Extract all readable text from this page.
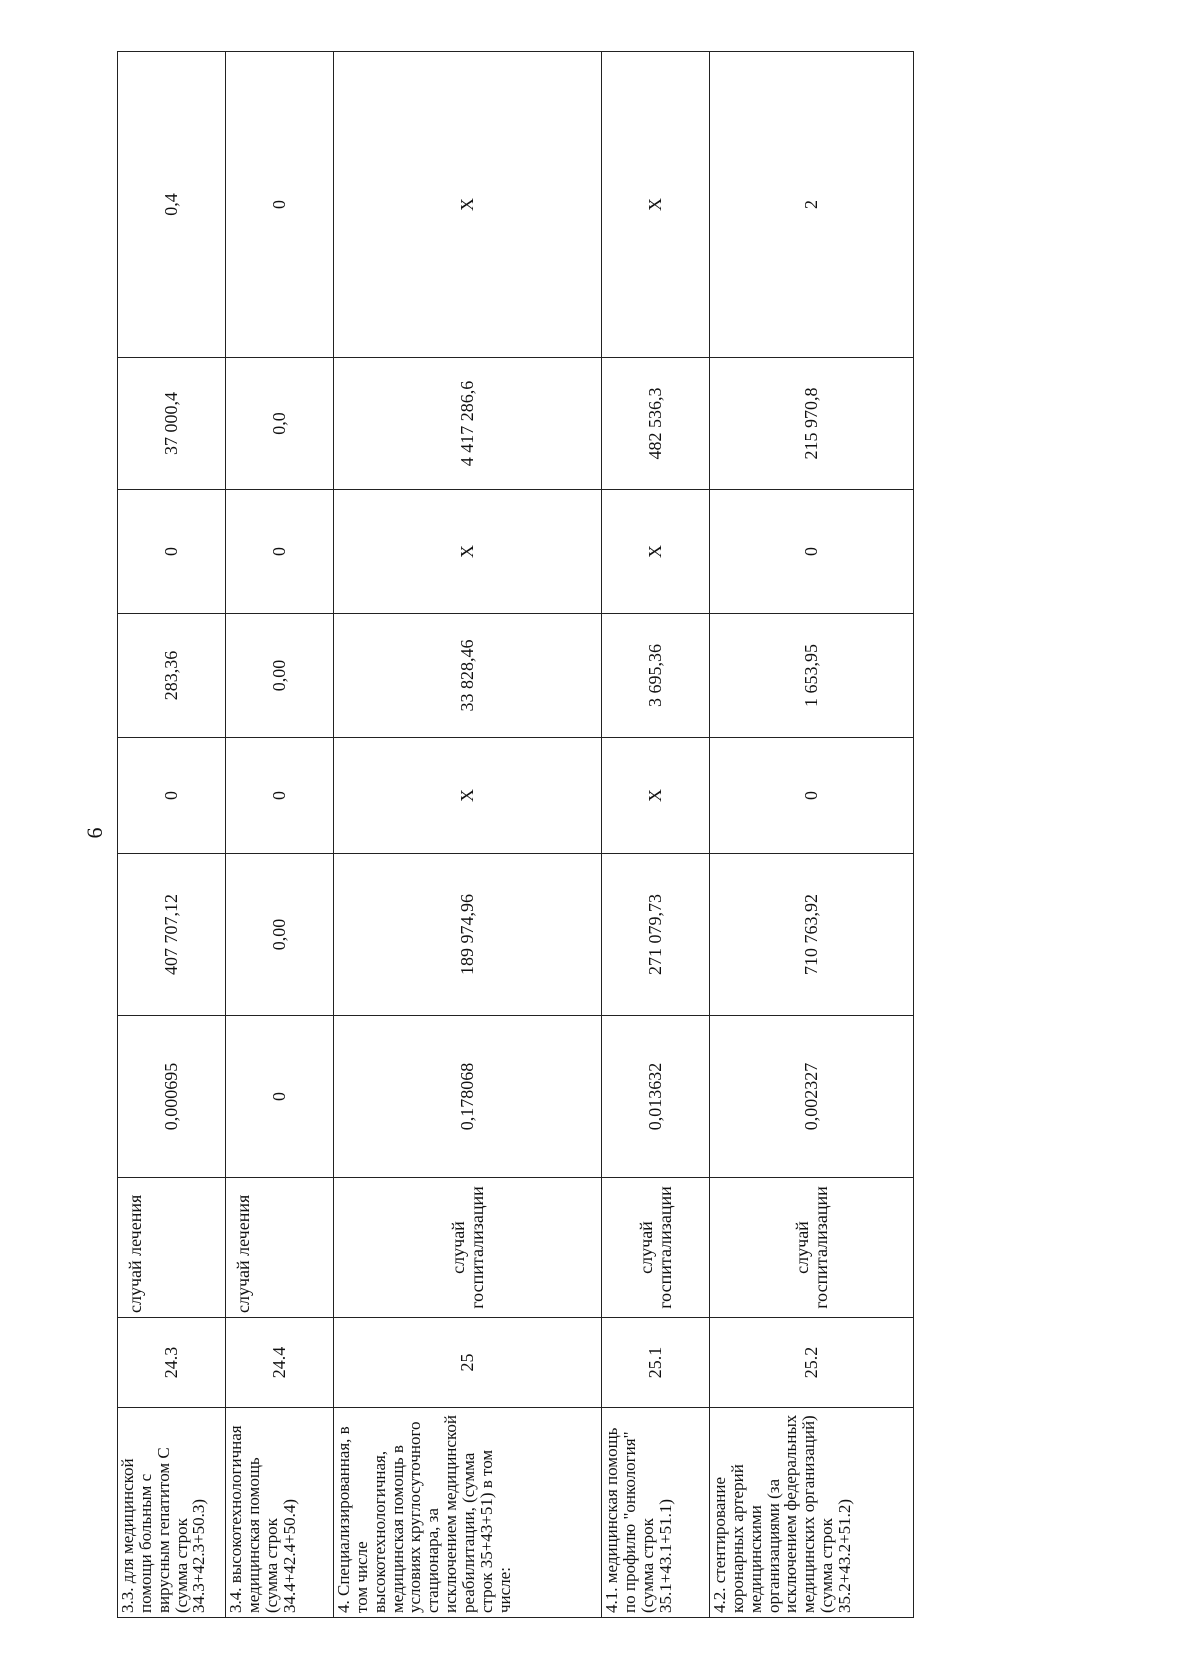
6
3.3. для медицинской помощи больным с вирусным гепатитом С (сумма строк 34.3+42.3+50.3)	24.3	случай лечения	0,000695	407 707,12	0	283,36	0	37 000,4	0,4
3.4. высокотехнологичная медицинская помощь (сумма строк 34.4+42.4+50.4)	24.4	случай лечения	0	0,00	0	0,00	0	0,0	0
4. Специализированная, в том числе высокотехнологичная, медицинская помощь в условиях круглосуточного стационара, за исключением медицинской реабилитации, (сумма строк 35+43+51) в том числе:	25	случай госпитализации	0,178068	189 974,96	X	33 828,46	X	4 417 286,6	X
4.1. медицинская помощь по профилю "онкология" (сумма строк 35.1+43.1+51.1)	25.1	случай госпитализации	0,013632	271 079,73	X	3 695,36	X	482 536,3	X
4.2. стентирование коронарных артерий медицинскими организациями (за исключением федеральных медицинских организаций) (сумма строк 35.2+43.2+51.2)	25.2	случай госпитализации	0,002327	710 763,92	0	1 653,95	0	215 970,8	2
